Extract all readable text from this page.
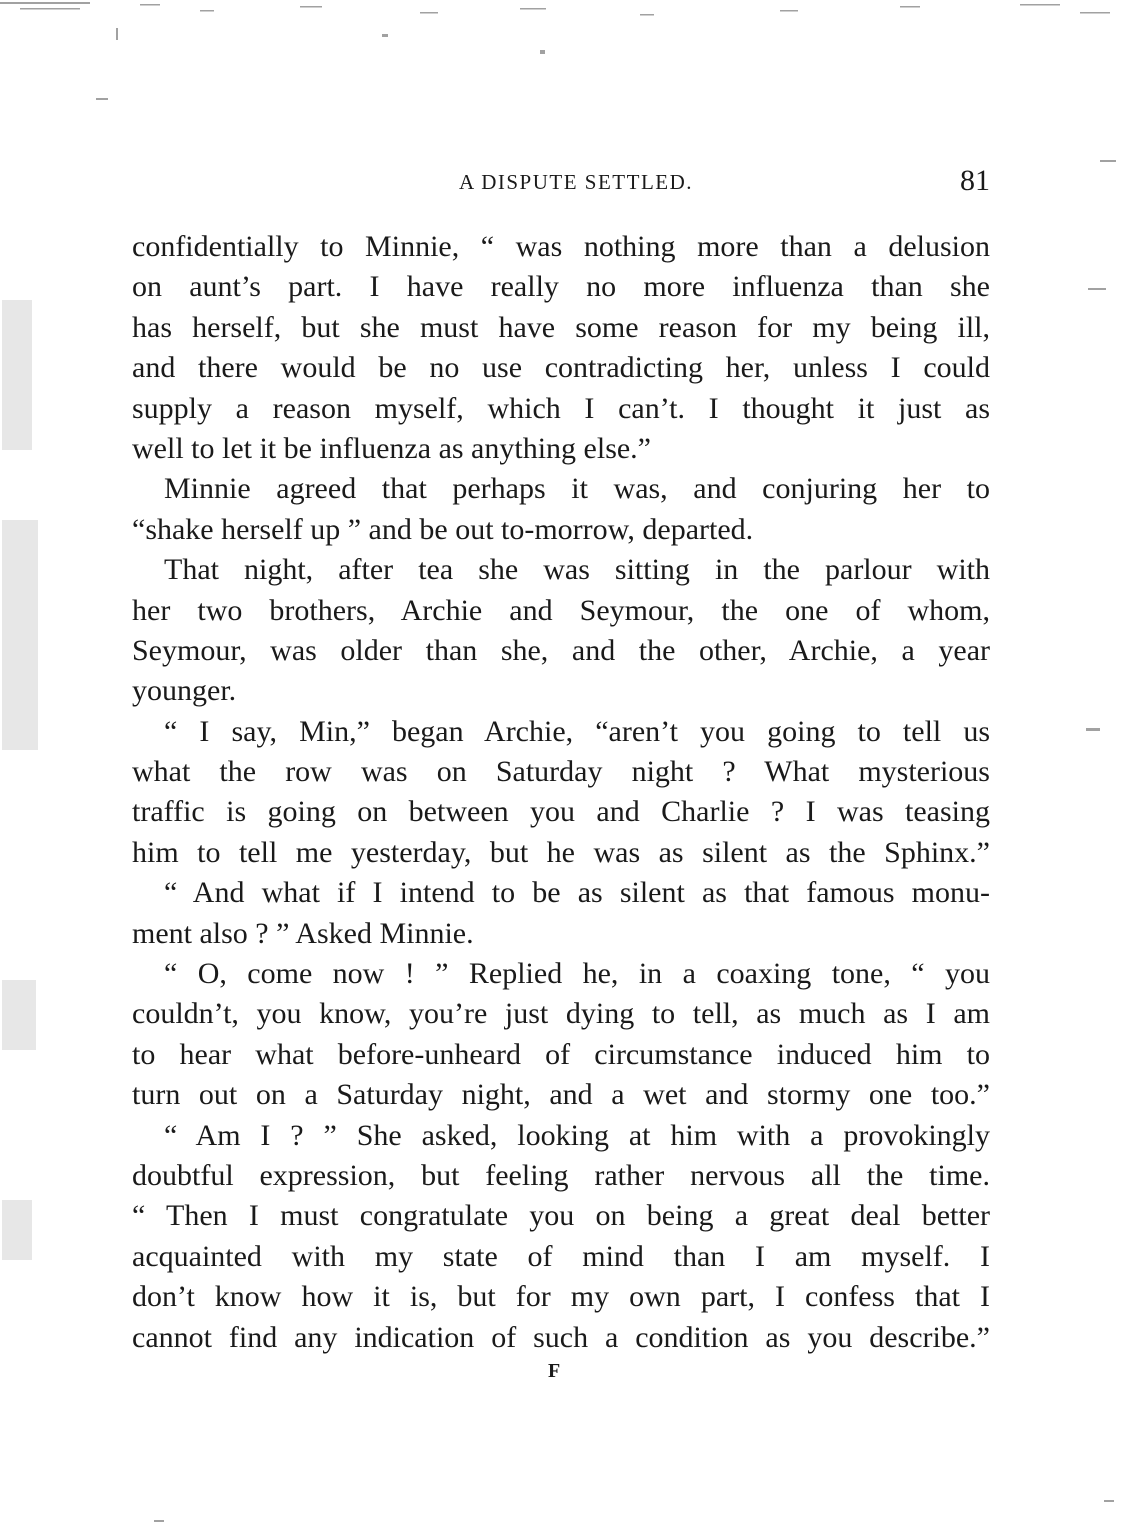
A DISPUTE SETTLED.	81
confidentially to Minnie, “ was nothing more than a delusion
on aunt’s part. I have really no more influenza than she
has herself, but she must have some reason for my being ill,
and there would be no use contradicting her, unless I could
supply a reason myself, which I can’t. I thought it just as
well to let it be influenza as anything else.”
Minnie agreed that perhaps it was, and conjuring her to
“shake herself up ” and be out to-morrow, departed.
That night, after tea she was sitting in the parlour with
her two brothers, Archie and Seymour, the one of whom,
Seymour, was older than she, and the other, Archie, a year
younger.
“ I say, Min,” began Archie, “aren’t you going to tell us
what the row was on Saturday night ? What mysterious
traffic is going on between you and Charlie ? I was teasing
him to tell me yesterday, but he was as silent as the Sphinx.”
“ And what if I intend to be as silent as that famous monu-
ment also ? ” Asked Minnie.
“ O, come now ! ” Replied he, in a coaxing tone, “ you
couldn’t, you know, you’re just dying to tell, as much as I am
to hear what before-unheard of circumstance induced him to
turn out on a Saturday night, and a wet and stormy one too.”
“ Am I ? ” She asked, looking at him with a provokingly
doubtful expression, but feeling rather nervous all the time.
“ Then I must congratulate you on being a great deal better
acquainted with my state of mind than I am myself. I
don’t know how it is, but for my own part, I confess that I
cannot find any indication of such a condition as you describe.”
F
